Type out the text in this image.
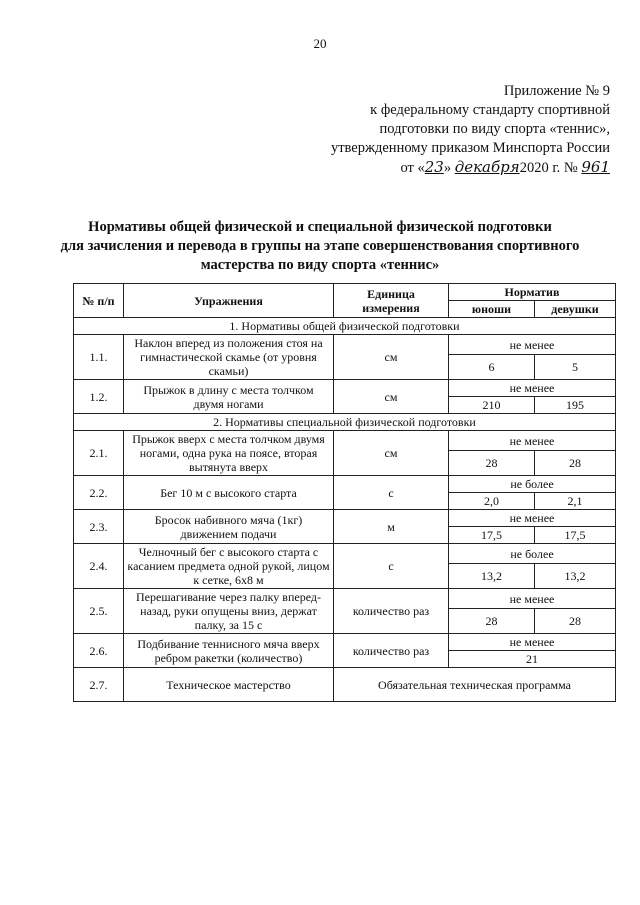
20
Приложение № 9
к федеральному стандарту спортивной
подготовки по виду спорта «теннис»,
утвержденному приказом Минспорта России
от «23» декабря2020 г. № 961
Нормативы общей физической и специальной физической подготовки
для зачисления и перевода в группы на этапе совершенствования спортивного
мастерства по виду спорта «теннис»
№ п/п	Упражнения	Единица измерения	Норматив	
			юноши	девушки
1. Нормативы общей физической подготовки				
1.1.	Наклон вперед из положения стоя на гимнастической скамье (от уровня скамьи)	см	не менее	
			6	5
1.2.	Прыжок в длину с места толчком двумя ногами	см	не менее	
			210	195
2. Нормативы специальной физической подготовки				
2.1.	Прыжок вверх с места толчком двумя ногами, одна рука на поясе, вторая вытянута вверх	см	не менее	
			28	28
2.2.	Бег 10 м с высокого старта	с	не более	
			2,0	2,1
2.3.	Бросок набивного мяча (1кг) движением подачи	м	не менее	
			17,5	17,5
2.4.	Челночный бег с высокого старта с касанием предмета одной рукой, лицом к сетке, 6х8 м	с	не более	
			13,2	13,2
2.5.	Перешагивание через палку вперед-назад, руки опущены вниз, держат палку, за 15 с	количество раз	не менее	
			28	28
2.6.	Подбивание теннисного мяча вверх ребром ракетки (количество)	количество раз	не менее	
			21	
2.7.	Техническое мастерство	Обязательная техническая программа		
